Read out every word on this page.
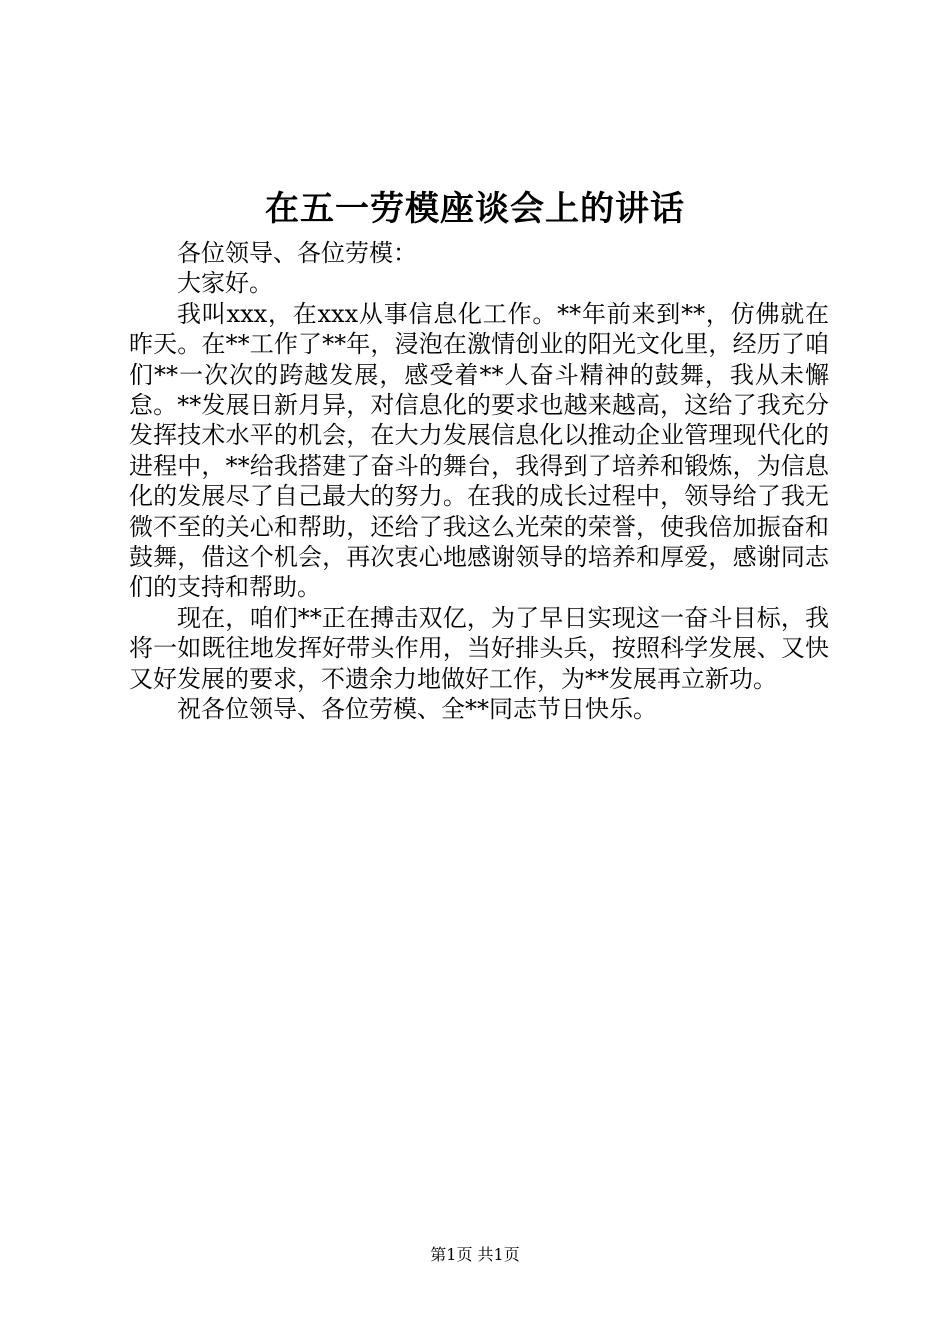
在五一劳模座谈会上的讲话

各位领导、各位劳模：

大家好。

我叫xxx，在xxx从事信息化工作。**年前来到**，仿佛就在昨天。在**工作了**年，浸泡在激情创业的阳光文化里，经历了咱们**一次次的跨越发展，感受着**人奋斗精神的鼓舞，我从未懈怠。**发展日新月异，对信息化的要求也越来越高，这给了我充分发挥技术水平的机会，在大力发展信息化以推动企业管理现代化的进程中，**给我搭建了奋斗的舞台，我得到了培养和锻炼，为信息化的发展尽了自己最大的努力。在我的成长过程中，领导给了我无微不至的关心和帮助，还给了我这么光荣的荣誉，使我倍加振奋和鼓舞，借这个机会，再次衷心地感谢领导的培养和厚爱，感谢同志们的支持和帮助。

现在，咱们**正在搏击双亿，为了早日实现这一奋斗目标，我将一如既往地发挥好带头作用，当好排头兵，按照科学发展、又快又好发展的要求，不遗余力地做好工作，为**发展再立新功。

祝各位领导、各位劳模、全**同志节日快乐。

第1页 共1页
